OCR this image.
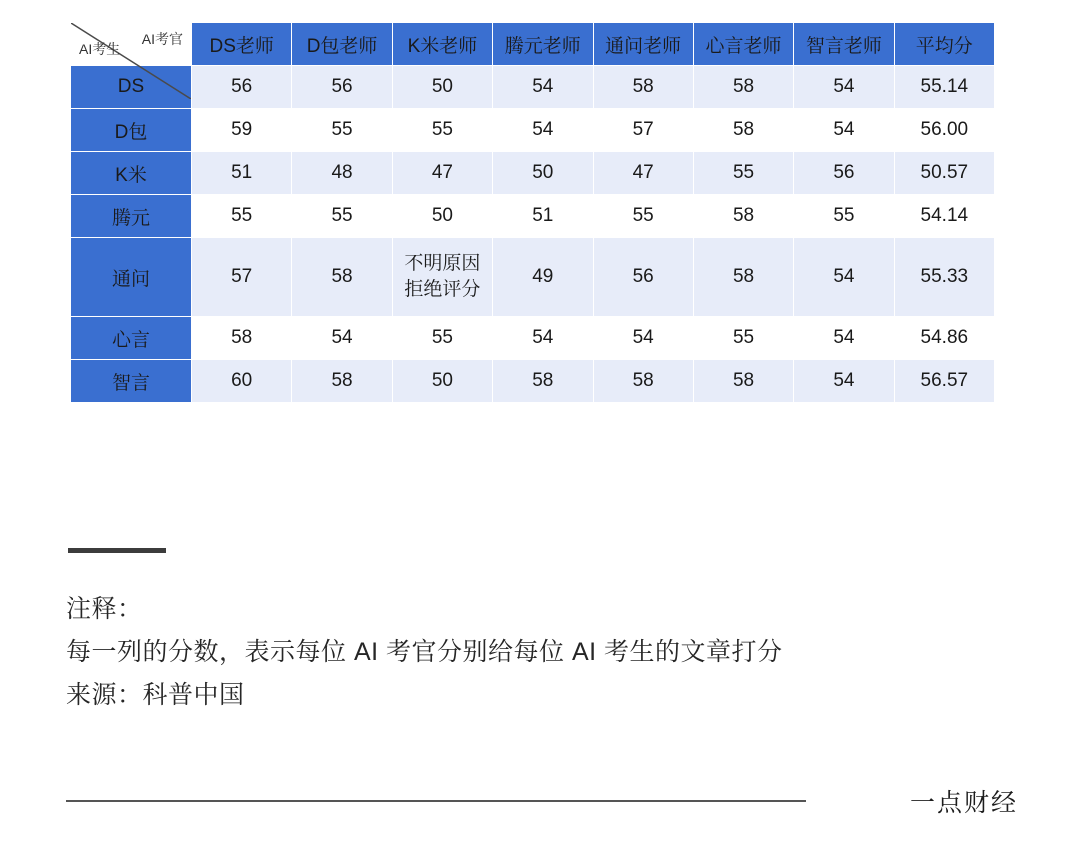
AI考官
AI考生	DS老师	D包老师	K米老师	腾元老师	通问老师	心言老师	智言老师	平均分
DS	56	56	50	54	58	58	54	55.14
D包	59	55	55	54	57	58	54	56.00
K米	51	48	47	50	47	55	56	50.57
腾元	55	55	50	51	55	58	55	54.14
通问	57	58	不明原因 拒绝评分	49	56	58	54	55.33
心言	58	54	55	54	54	55	54	54.86
智言	60	58	50	58	58	58	54	56.57
注释：
每一列的分数，表示每位 AI 考官分别给每位 AI 考生的文章打分
来源：科普中国
一点财经
